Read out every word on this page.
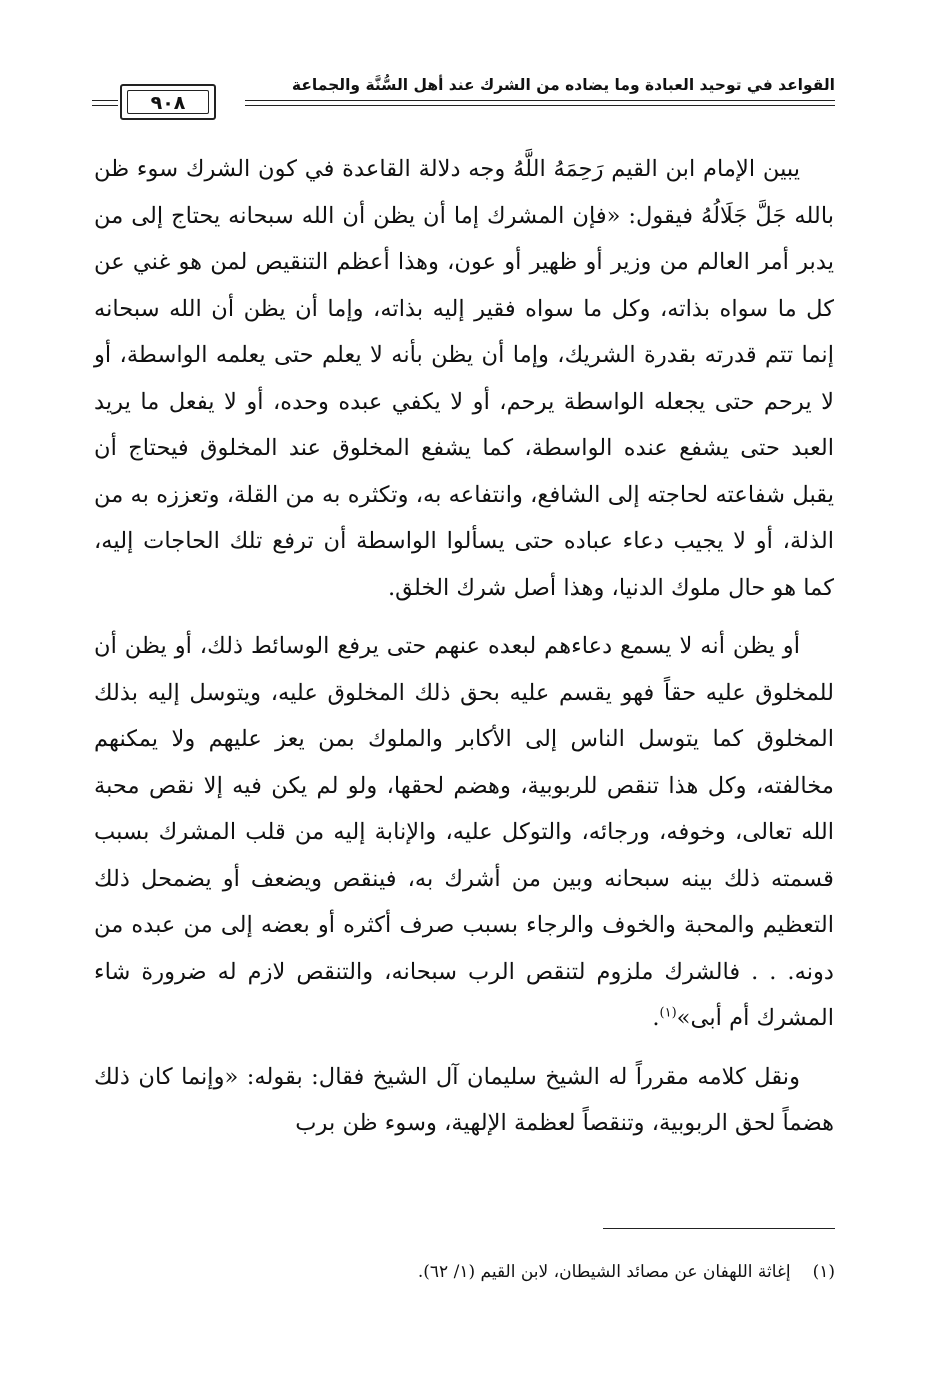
القواعد في توحيد العبادة وما يضاده من الشرك عند أهل السُّنَّة والجماعة
٩٠٨

يبين الإمام ابن القيم رَحِمَهُ اللَّهُ وجه دلالة القاعدة في كون الشرك سوء ظن بالله جَلَّ جَلَالُهُ فيقول: «فإن المشرك إما أن يظن أن الله سبحانه يحتاج إلى من يدبر أمر العالم من وزير أو ظهير أو عون، وهذا أعظم التنقيص لمن هو غني عن كل ما سواه بذاته، وكل ما سواه فقير إليه بذاته، وإما أن يظن أن الله سبحانه إنما تتم قدرته بقدرة الشريك، وإما أن يظن بأنه لا يعلم حتى يعلمه الواسطة، أو لا يرحم حتى يجعله الواسطة يرحم، أو لا يكفي عبده وحده، أو لا يفعل ما يريد العبد حتى يشفع عنده الواسطة، كما يشفع المخلوق عند المخلوق فيحتاج أن يقبل شفاعته لحاجته إلى الشافع، وانتفاعه به، وتكثره به من القلة، وتعززه به من الذلة، أو لا يجيب دعاء عباده حتى يسألوا الواسطة أن ترفع تلك الحاجات إليه، كما هو حال ملوك الدنيا، وهذا أصل شرك الخلق.

أو يظن أنه لا يسمع دعاءهم لبعده عنهم حتى يرفع الوسائط ذلك، أو يظن أن للمخلوق عليه حقاً فهو يقسم عليه بحق ذلك المخلوق عليه، ويتوسل إليه بذلك المخلوق كما يتوسل الناس إلى الأكابر والملوك بمن يعز عليهم ولا يمكنهم مخالفته، وكل هذا تنقص للربوبية، وهضم لحقها، ولو لم يكن فيه إلا نقص محبة الله تعالى، وخوفه، ورجائه، والتوكل عليه، والإنابة إليه من قلب المشرك بسبب قسمته ذلك بينه سبحانه وبين من أشرك به، فينقص ويضعف أو يضمحل ذلك التعظيم والمحبة والخوف والرجاء بسبب صرف أكثره أو بعضه إلى من عبده من دونه. . . فالشرك ملزوم لتنقص الرب سبحانه، والتنقص لازم له ضرورة شاء المشرك أم أبى»$^{(١)}$.

ونقل كلامه مقرراً له الشيخ سليمان آل الشيخ فقال: بقوله: «وإنما كان ذلك هضماً لحق الربوبية، وتنقصاً لعظمة الإلهية، وسوء ظن برب

(١)إغاثة اللهفان عن مصائد الشيطان، لابن القيم (١/ ٦٢).
